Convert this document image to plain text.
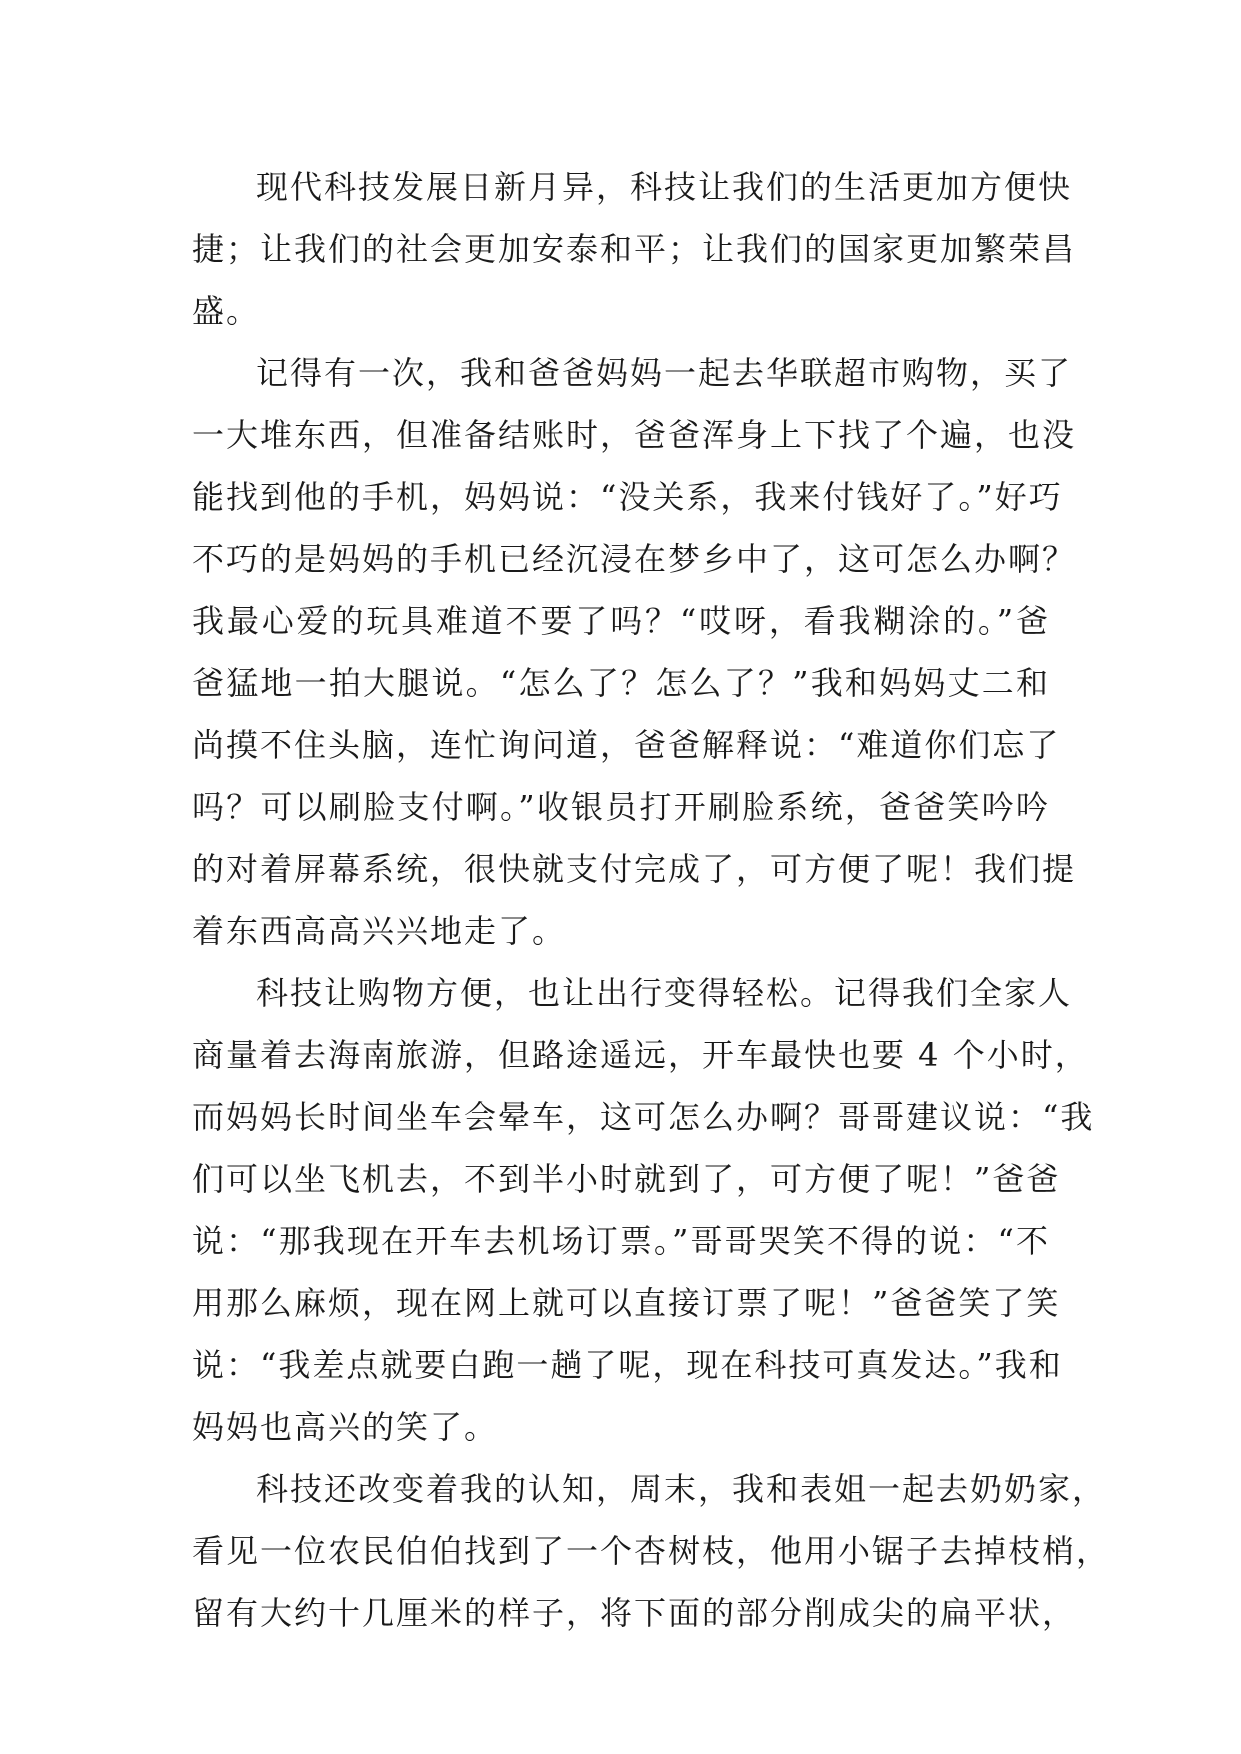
现代科技发展日新月异，科技让我们的生活更加方便快
捷；让我们的社会更加安泰和平；让我们的国家更加繁荣昌
盛。
记得有一次，我和爸爸妈妈一起去华联超市购物，买了
一大堆东西，但准备结账时，爸爸浑身上下找了个遍，也没
能找到他的手机，妈妈说：“没关系，我来付钱好了。”好巧
不巧的是妈妈的手机已经沉浸在梦乡中了，这可怎么办啊？
我最心爱的玩具难道不要了吗？“哎呀，看我糊涂的。”爸
爸猛地一拍大腿说。“怎么了？怎么了？”我和妈妈丈二和
尚摸不住头脑，连忙询问道，爸爸解释说：“难道你们忘了
吗？可以刷脸支付啊。”收银员打开刷脸系统，爸爸笑吟吟
的对着屏幕系统，很快就支付完成了，可方便了呢！我们提
着东西高高兴兴地走了。
科技让购物方便，也让出行变得轻松。记得我们全家人
商量着去海南旅游，但路途遥远，开车最快也要 4 个小时，
而妈妈长时间坐车会晕车，这可怎么办啊？哥哥建议说：“我
们可以坐飞机去，不到半小时就到了，可方便了呢！”爸爸
说：“那我现在开车去机场订票。”哥哥哭笑不得的说：“不
用那么麻烦，现在网上就可以直接订票了呢！”爸爸笑了笑
说：“我差点就要白跑一趟了呢，现在科技可真发达。”我和
妈妈也高兴的笑了。
科技还改变着我的认知，周末，我和表姐一起去奶奶家，
看见一位农民伯伯找到了一个杏树枝，他用小锯子去掉枝梢，
留有大约十几厘米的样子，将下面的部分削成尖的扁平状，
